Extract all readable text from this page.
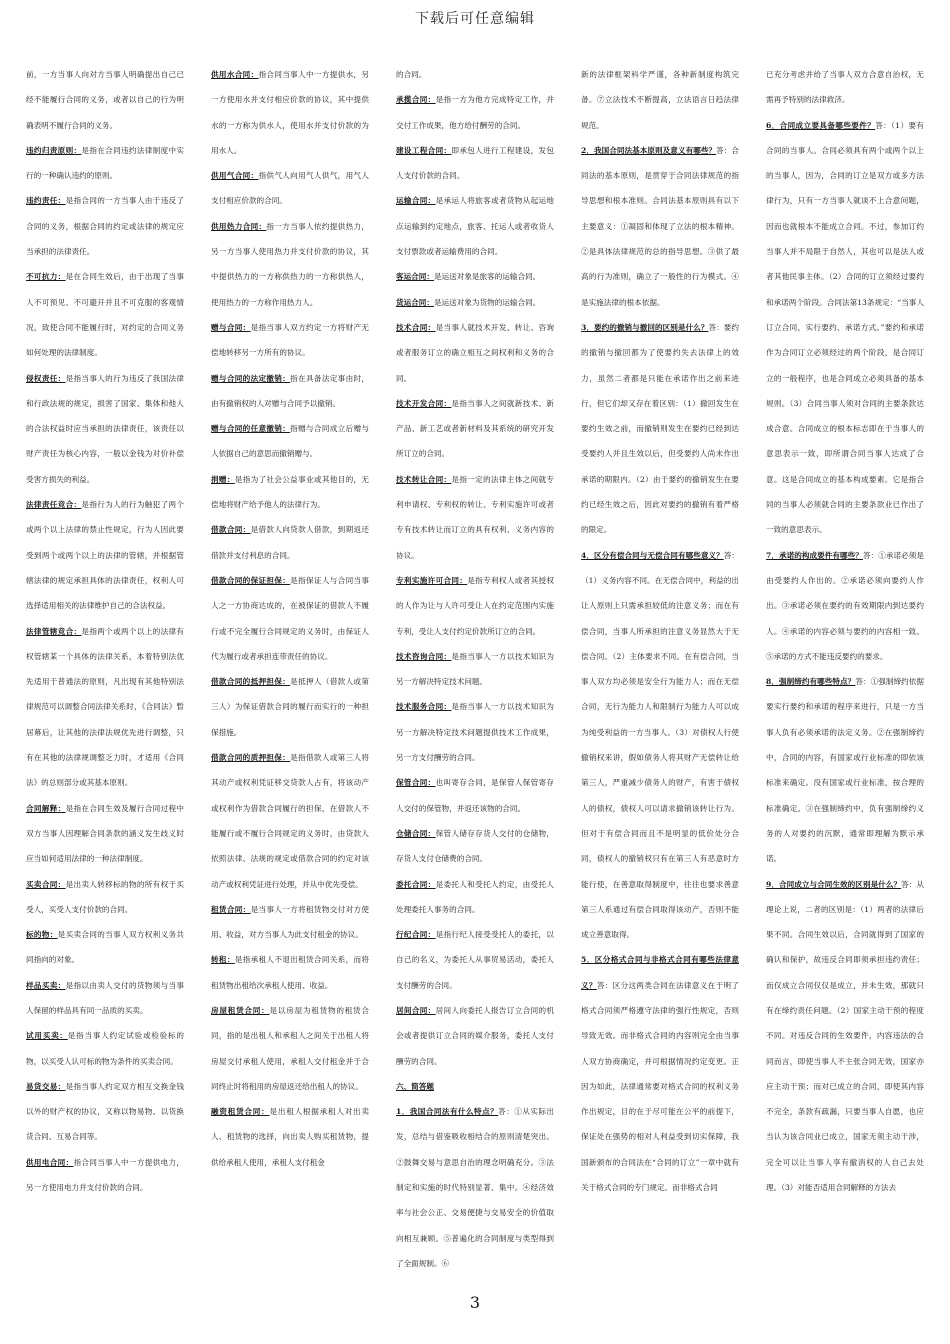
下载后可任意编辑

前，一方当事人向对方当事人明确提出自己已经不能履行合同的义务，或者以自己的行为明确表明不履行合同的义务。

违约归责原则：是指在合同违约法律制度中实行的一种确认违约的原则。

违约责任：是指合同的一方当事人由于违反了合同的义务，根据合同的约定或法律的规定应当承担的法律责任。

不可抗力：是在合同生效后，由于出现了当事人不可预见、不可避开并且不可克服的客观情况，致使合同不能履行时，对约定的合同义务如何处理的法律制度。

侵权责任：是指当事人的行为违反了我国法律和行政法规的规定，损害了国家、集体和他人的合法权益时应当承担的法律责任，该责任以财产责任为核心内容，一般以金钱为对价补偿受害方损失的利益。

法律责任竞合：是指行为人的行为触犯了两个或两个以上法律的禁止性规定，行为人因此要受到两个或两个以上的法律的管辖，并根据管辖法律的规定承担具体的法律责任，权利人可选择适用相关的法律维护自己的合法权益。

法律管辖竞合：是指两个或两个以上的法律有权管辖某一个具体的法律关系，本着特别法优先适用于普通法的原则，凡出现有其他特别法律规范可以调整合同法律关系时，《合同法》暂居幕后，让其他的法律法规优先进行调整，只有在其他的法律规调整乏力时，才适用《合同法》的总则部分或其基本原则。

合同解释：是指在合同生效及履行合同过程中双方当事人因理解合同条款的涵义发生歧义时应当如何适用法律的一种法律制度。

买卖合同：是出卖人转移标的物的所有权于买受人，买受人支付价款的合同。

标的物：是买卖合同的当事人双方权利义务共同指向的对象。

样品买卖：是指以由卖人交付的货物须与当事人保留的样品具有同一品质的买卖。

试用买卖：是指当事人约定试验或检验标的物，以买受人认可标的物为条件的买卖合同。

易货交易：是指当事人约定双方相互交换金钱以外的财产权的协议，又称以物易物、以货换货合同、互易合同等。

供用电合同：指合同当事人中一方提供电力，另一方使用电力并支付价款的合同。

供用水合同：指合同当事人中一方提供水，另一方使用水并支付相应价款的协议，其中提供水的一方称为供水人，使用水并支付价款的为用水人。

供用气合同：指供气人向用气人供气，用气人支付相应价款的合同。

供用热力合同：指一方当事人依约提供热力，另一方当事人使用热力并支付价款的协议，其中提供热力的一方称供热力的一方称供热人，使用热力的一方称作用热力人。

赠与合同：是指当事人双方约定一方将财产无偿地转移另一方所有的协议。

赠与合同的法定撤销：指在具备法定事由时，由有撤销权的人对赠与合同予以撤销。

赠与合同的任意撤销：指赠与合同成立后赠与人依据自己的意思而撤销赠与。

捐赠：是指为了社会公益事业或其他目的，无偿地将财产给予他人的法律行为。

借款合同：是借款人向贷款人借款，到期返还借款并支付利息的合同。

借款合同的保证担保：是指保证人与合同当事人之一方协商达成的，在被保证的借款人不履行或不完全履行合同规定的义务时，由保证人代为履行或者承担连带责任的协议。

借款合同的抵押担保：是抵押人（借款人或第三人）为保证借款合同的履行而实行的一种担保措施。

借款合同的质押担保：是指借款人或第三人将其动产或权利凭证移交贷款人占有，将该动产或权利作为借款合同履行的担保，在借款人不能履行或不履行合同规定的义务时，由贷款人依照法律、法规的规定或借款合同的约定对该动产或权利凭证进行处理，并从中优先受偿。

租赁合同：是当事人一方将租赁物交付对方使用、收益，对方当事人为此支付租金的协议。

转租：是指承租人不退出租赁合同关系，而将租赁物出租给次承租人使用、收益。

房屋租赁合同：是以房屋为租赁物的租赁合同，指的是出租人和承租人之间关于出租人将房屋交付承租人使用，承租人交付租金并于合同终止时将租用的房屋返还给出租人的协议。

融资租赁合同：是出租人根据承租人对出卖人、租赁物的选择，向出卖人购买租赁物，提供给承租人使用，承租人支付租金

的合同。

承揽合同：是指一方为他方完成特定工作，并交付工作成果，他方给付酬劳的合同。

建设工程合同：即承包人进行工程建设，发包人支付价款的合同。

运输合同：是承运人将旅客或者货物从起运地点运输到约定地点，旅客、托运人或者收货人支付票款或者运输费用的合同。

客运合同：是运送对象是旅客的运输合同。

货运合同：是运送对象为货物的运输合同。

技术合同：是当事人就技术开发、转让、咨询或者服务订立的确立相互之间权利和义务的合同。

技术开发合同：是指当事人之间就新技术、新产品、新工艺或者新材料及其系统的研究开发所订立的合同。

技术转让合同：是指一定的法律主体之间就专利申请权、专利权的转让、专利实施许可或者专有技术转让而订立的具有权利、义务内容的协议。

专利实施许可合同：是指专利权人或者其授权的人作为让与人许可受让人在约定范围内实施专利，受让人支付约定价款所订立的合同。

技术咨询合同：是指当事人一方以技术知识为另一方解决特定技术问题。

技术服务合同：是指当事人一方以技术知识为另一方解决特定技术问题提供技术工作成果，另一方支付酬劳的合同。

保管合同：也叫寄存合同，是保管人保管寄存人交付的保管物，并返还该物的合同。

仓储合同：保管人储存存货人交付的仓储物，存货人支付仓储费的合同。

委托合同：是委托人和受托人约定，由受托人处理委托人事务的合同。

行纪合同：是指行纪人接受受托人的委托，以自己的名义，为委托人从事贸易活动，委托人支付酬劳的合同。

居间合同：居间人向委托人报告订立合同的机会或者提供订立合同的媒介服务，委托人支付酬劳的合同。

六、简答题

1．我国合同法有什么特点？答：①从实际出发，总结与借鉴吸收相结合的原则清楚突出。②鼓舞交易与意思自治的理念明确充分。③法制定和实施的时代特别显著、集中。④经济效率与社会公正、交易便捷与交易安全的价值取向相互兼顾。⑤普遍化的合同制度与类型得到了全面规制。⑥

新的法律框架科学严谨，各种新制度构筑完备。⑦立法技术不断提高，立法语言日趋法律规范。

2．我国合同法基本原则及意义有哪些？答：合同法的基本原则，是贯穿于合同法律规范的指导思想和根本准则。合同法基本原则具有以下主要意义：①凝固和体现了立法的根本精神。②是具体法律规范的总的指导思想。③供了最高的行为准则，确立了一般性的行为模式。④是实施法律的根本依据。

3．要约的撤销与撤回的区别是什么？答：要约的撤销与撤回都为了使要约失去法律上的效力，虽然二者都是只能在承诺作出之前来进行，但它们却又存在着区别：（1）撤回发生在要约生效之前，而撤销则发生在要约已经到达受要约人并且生效以后，但受要约人尚未作出承诺的期限内。（2）由于要约的撤销发生在要约已经生效之后，因此对要约的撤销有着严格的限定。

4．区分有偿合同与无偿合同有哪些意义？答：（1）义务内容不同。在无偿合同中，利益的出让人原则上只需承担较低的注意义务；而在有偿合同，当事人所承担的注意义务显然大于无偿合同。（2）主体要求不同。在有偿合同，当事人双方均必须是安全行为能力人；而在无偿合同，无行为能力人和限制行为能力人可以成为纯受利益的一方当事人。（3）对债权人行使撤销权来讲，假如债务人将其财产无偿转让给第三人，严重减少债务人的财产，有害于债权人的债权，债权人可以请求撤销该转让行为。但对于有偿合同而且不是明显的低价处分合同，债权人的撤销权只有在第三人有恶意时方能行使，在善意取得制度中，往往也要求善意第三人系通过有偿合同取得该动产，否则不能成立善意取得。

5．区分格式合同与非格式合同有哪些法律意义？答：区分这两类合同在法律意义在于明了格式合同须严格遵守法律的强行性规定，否则导致无效。而非格式合同的内容则完全由当事人双方协商确定，并可根据情况约定变更。正因为如此，法律通常要对格式合同的权利义务作出规定，目的在于尽可能在公平的前提下，保证处在强势的相对人利益受到切实保障，我国新颁布的合同法在“合同的订立”一章中就有关于格式合同的专门规定。而非格式合同

已充分考虑并给了当事人双方合意自治权，无需再予特别的法律救济。

6．合同成立要具备哪些要件？答：（1）要有合同的当事人。合同必须具有两个或两个以上的当事人，因为，合同的订立是双方或多方法律行为，只有一方当事人就谈不上合意问题，因而也就根本不能成立合同。不过，参加订约当事人并不局限于自然人，其也可以是法人或者其他民事主体。（2）合同的订立须经过要约和承诺两个阶段。合同法第13条规定：“当事人订立合同，实行要约、承诺方式。”要约和承诺作为合同订立必须经过的两个阶段，是合同订立的一般程序，也是合同成立必须具备的基本规则。（3）合同当事人须对合同的主要条款达成合意。合同成立的根本标志即在于当事人的意思表示一致，即所谓合同当事人达成了合意。这是合同成立的基本构成要素。它是指合同的当事人必须就合同的主要条款业已作出了一致的意思表示。

7．承诺的构成要件有哪些？答：①承诺必须是由受要约人作出的。②承诺必须向要约人作出。③承诺必须在要约的有效期限内到达要约人。④承诺的内容必须与要约的内容相一致。⑤承诺的方式不能违反要约的要求。

8．强制缔约有哪些特点？答：①强制缔约依据要实行要约和承诺的程序来进行，只是一方当事人负有必须承诺的法定义务。②在强制缔约中，合同的内容，有国家或行业标准的即依该标准来确定。没有国家或行业标准，按合理的标准确定。③在强制缔约中，负有强制缔约义务的人对要约的沉默，通常即理解为默示承诺。

9．合同成立与合同生效的区别是什么？答：从理论上说，二者的区别是：（1）两者的法律后果不同。合同生效以后，合同就得到了国家的确认和保护，故违反合同即须承担违约责任；而仅成立合同仅仅是成立，并未生效，那就只有在缔约责任问题。（2）国家主动干预的程度不同。对违反合同的生效要件，内容违法的合同而言，即使当事人不主张合同无效，国家亦应主动干预；而对已成立的合同，即使其内容不完全，条款有疏漏，只要当事人自愿，也应当认为该合同业已成立，国家无须主动干涉，完全可以让当事人享有撤消权的人自己去处理。（3）对能否适用合同解释的方法去

3
